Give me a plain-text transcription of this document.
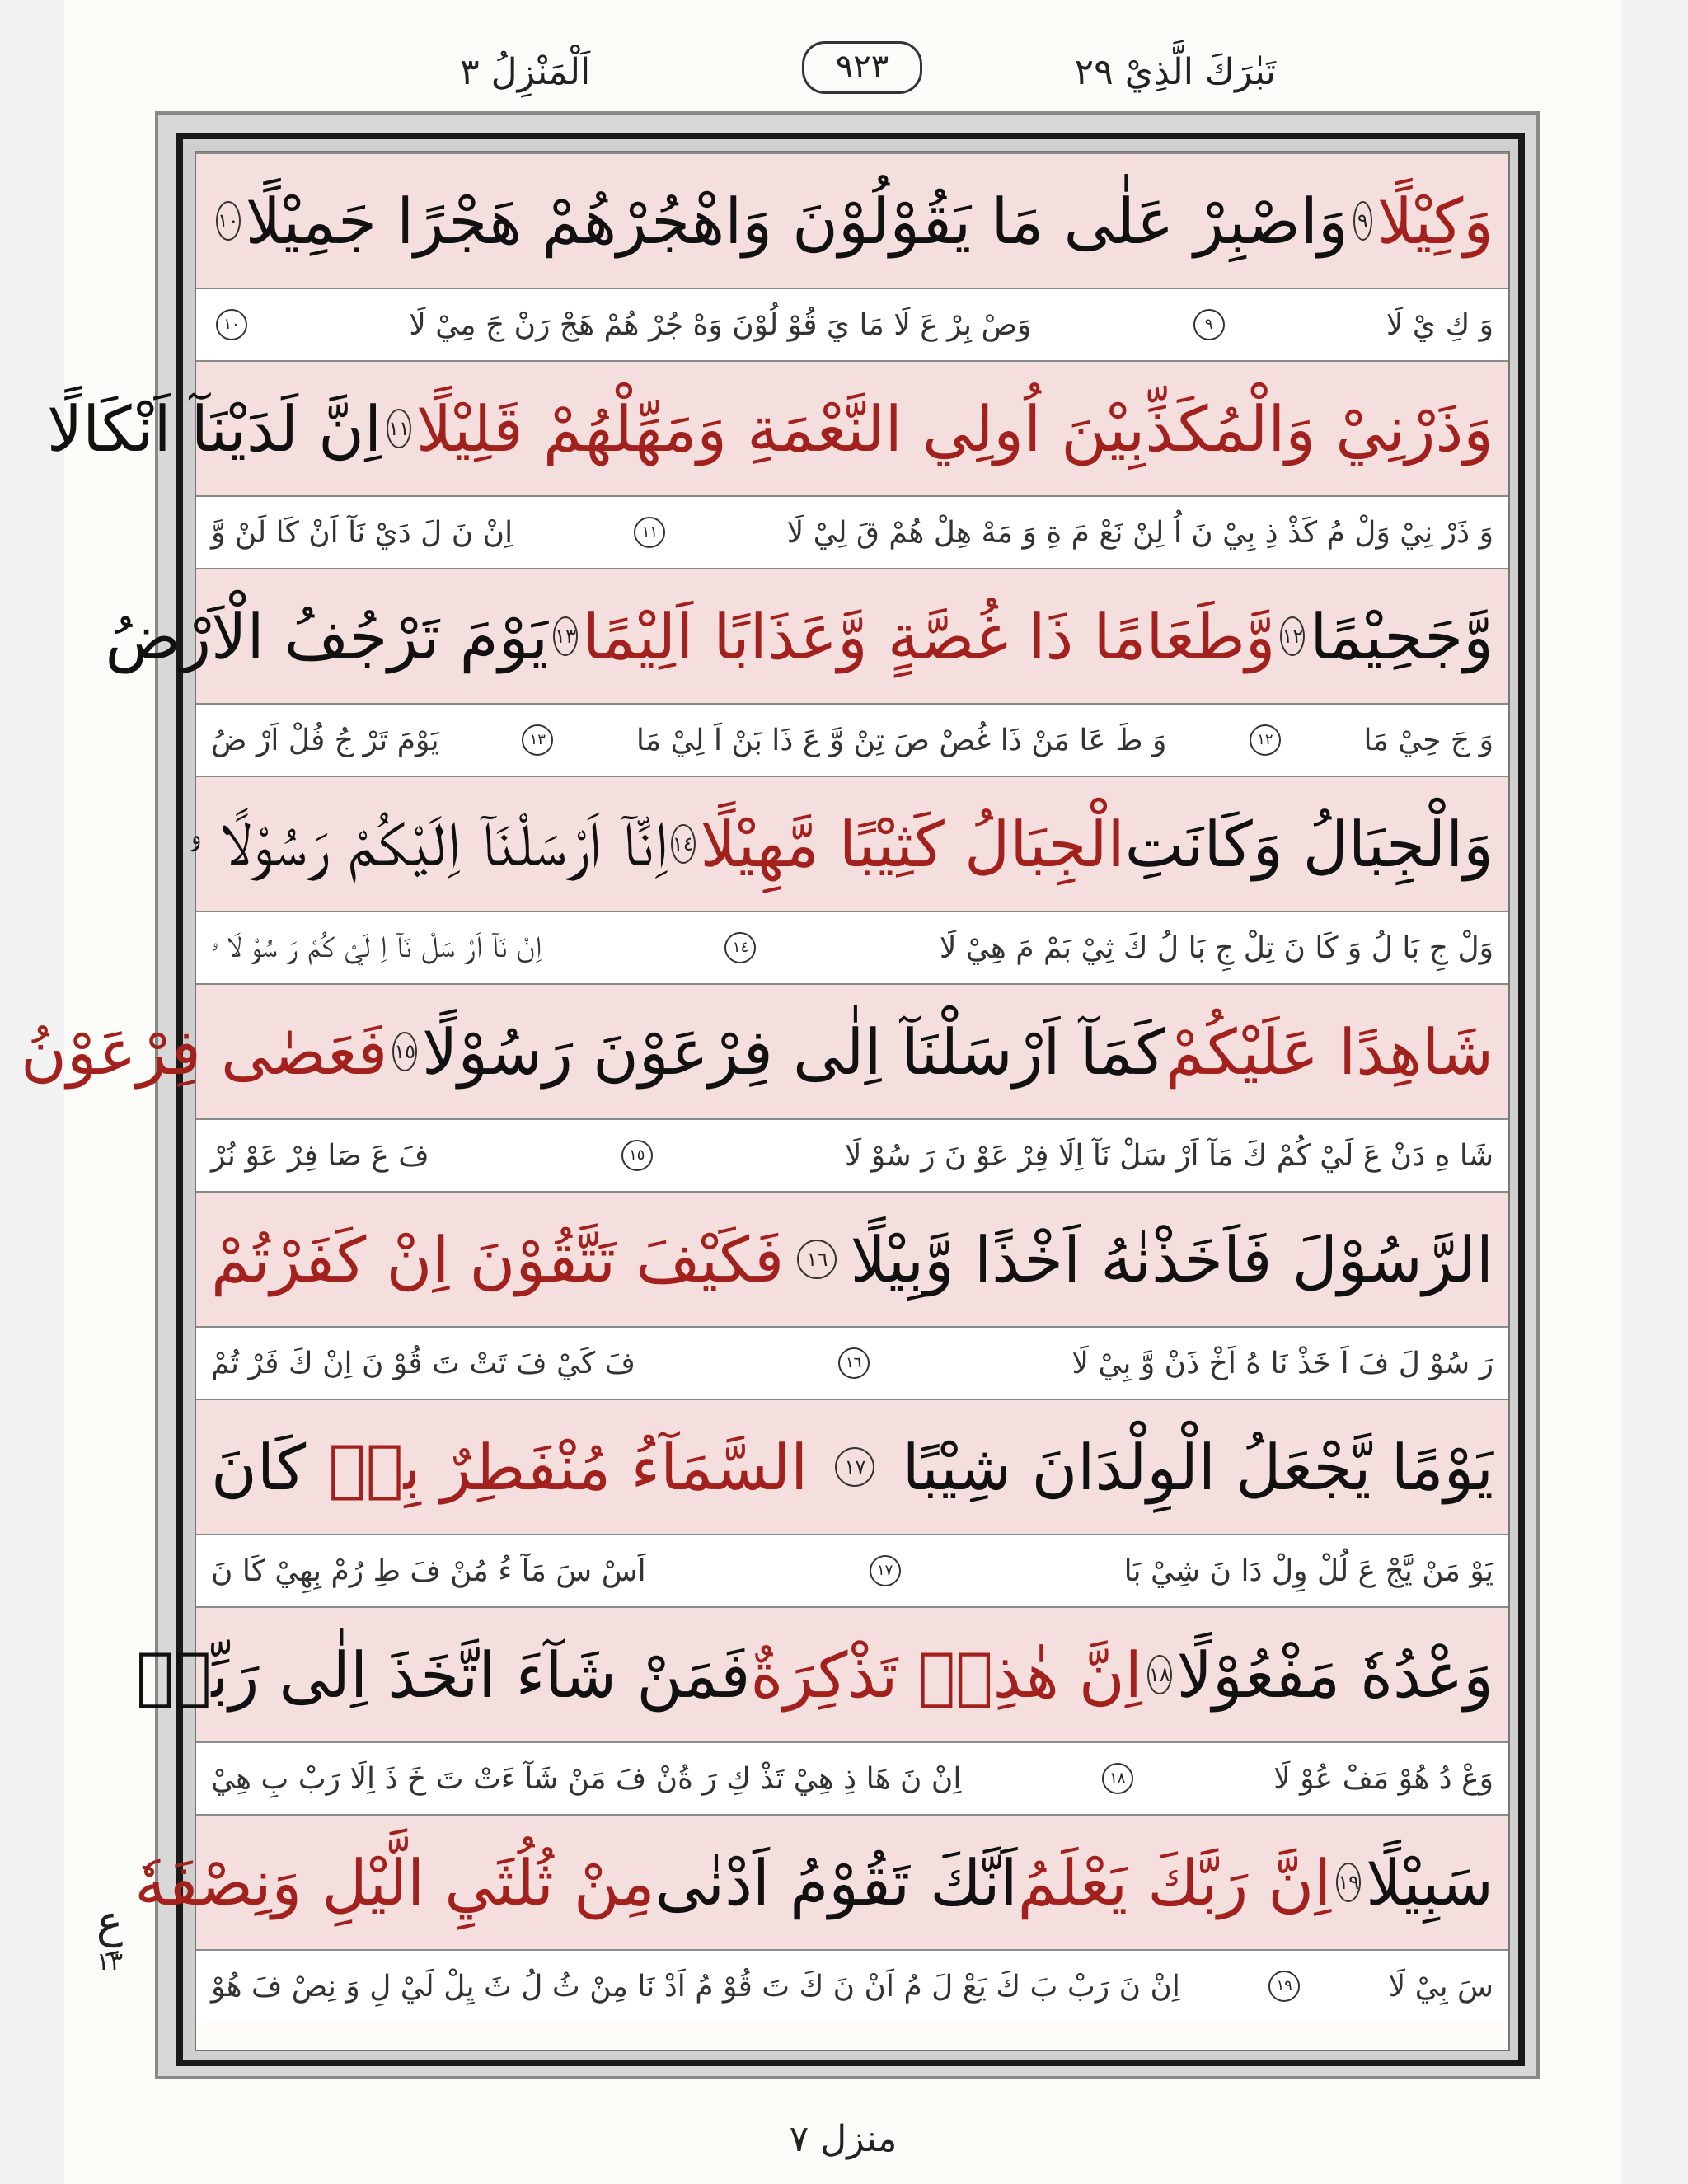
تَبٰرَكَ الَّذِيْ ٢٩
٩٢٣
اَلْمَنْزِلُ ٣
وَكِيْلًا
٩
وَاصْبِرْ عَلٰى مَا يَقُوْلُوْنَ وَاهْجُرْهُمْ هَجْرًا جَمِيْلًا
١٠
وَ كِ يْ لَا
٩
وَصْ بِرْ عَ لَا مَا يَ قُوْ لُوْنَ وَهْ جُرْ هُمْ هَجْ رَنْ جَ مِيْ لَا
١٠
وَذَرْنِيْ وَالْمُكَذِّبِيْنَ اُولِي النَّعْمَةِ وَمَهِّلْهُمْ قَلِيْلًا
١١
اِنَّ لَدَيْنَآ اَنْكَالًا
وَ ذَرْ نِيْ وَلْ مُ كَذْ ذِ بِيْ نَ اُ لِنْ نَعْ مَ ةِ وَ مَهْ هِلْ هُمْ قَ لِيْ لَا
١١
اِنْ نَ لَ دَيْ نَآ اَنْ كَا لَنْ وَّ
وَّجَحِيْمًا
١٢
وَّطَعَامًا ذَا غُصَّةٍ وَّعَذَابًا اَلِيْمًا
١٣
يَوْمَ تَرْجُفُ الْاَرْضُ
وَ جَ حِيْ مَا
١٢
وَ طَ عَا مَنْ ذَا غُصْ صَ تِنْ وَّ عَ ذَا بَنْ اَ لِيْ مَا
١٣
يَوْمَ تَرْ جُ فُلْ اَرْ ضُ
وَالْجِبَالُ وَكَانَتِ
الْجِبَالُ كَثِيْبًا مَّهِيْلًا
١٤
اِنَّآ اَرْسَلْنَآ اِلَيْكُمْ رَسُوْلًا ۥ
وَلْ جِ بَا لُ وَ كَا نَ تِلْ جِ بَا لُ كَ ثِيْ بَمْ مَ هِيْ لَا
١٤
اِنْ نَآ اَرْ سَلْ نَآ اِ لَيْ كُمْ رَ سُوْ لَا ۥ
شَاهِدًا عَلَيْكُمْ
كَمَآ اَرْسَلْنَآ اِلٰى فِرْعَوْنَ رَسُوْلًا
١٥
فَعَصٰى فِرْعَوْنُ
شَا هِ دَنْ عَ لَيْ كُمْ كَ مَآ اَرْ سَلْ نَآ اِلَا فِرْ عَوْ نَ رَ سُوْ لَا
١٥
فَ عَ صَا فِرْ عَوْ نُرْ
الرَّسُوْلَ فَاَخَذْنٰهُ اَخْذًا وَّبِيْلًا
١٦
فَكَيْفَ تَتَّقُوْنَ اِنْ كَفَرْتُمْ
رَ سُوْ لَ فَ اَ خَذْ نَا هُ اَخْ ذَنْ وَّ بِيْ لَا
١٦
فَ كَيْ فَ تَتْ تَ قُوْ نَ اِنْ كَ فَرْ تُمْ
يَوْمًا يَّجْعَلُ الْوِلْدَانَ شِيْبًا
١٧
السَّمَآءُ مُنْفَطِرٌ بِهٖ
كَانَ
يَوْ مَنْ يَّجْ عَ لُلْ وِلْ دَا نَ شِيْ بَا
١٧
اَسْ سَ مَآ ءُ مُنْ فَ طِ رُمْ بِهِيْ كَا نَ
وَعْدُهٗ مَفْعُوْلًا
١٨
اِنَّ هٰذِهٖ تَذْكِرَةٌ
فَمَنْ شَآءَ اتَّخَذَ اِلٰى رَبِّهٖ
وَعْ دُ هُوْ مَفْ عُوْ لَا
١٨
اِنْ نَ هَا ذِ هِيْ تَذْ كِ رَ ةُنْ فَ مَنْ شَآ ءَتْ تَ خَ ذَ اِلَا رَبْ بِ هِيْ
سَبِيْلًا
١٩
اِنَّ رَبَّكَ يَعْلَمُ
اَنَّكَ تَقُوْمُ اَدْنٰى
مِنْ ثُلُثَيِ الَّيْلِ وَنِصْفَهٗ
سَ بِيْ لَا
١٩
اِنْ نَ رَبْ بَ كَ يَعْ لَ مُ اَنْ نَ كَ تَ قُوْ مُ اَدْ نَا مِنْ ثُ لُ ثَ يِلْ لَيْ لِ وَ نِصْ فَ هُوْ
عِ
١٣
منزل ٧
